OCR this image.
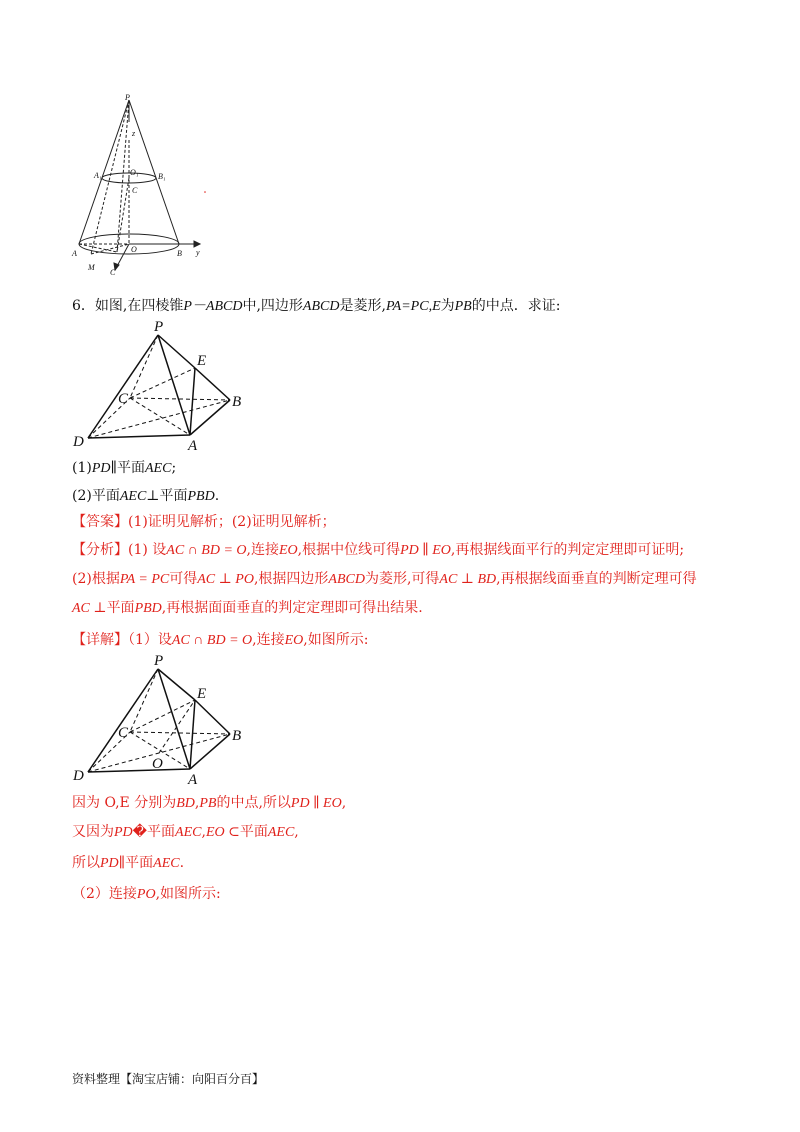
P
z
A₁	O₁ B₁
C
A
M
C
O	B y
6．如图,在四棱锥P－ABCD中,四边形ABCD是菱形,PA=PC,E为PB的中点．求证:
P
E
C	B
D	A
(1)PD∥平面AEC;
(2)平面AEC⊥平面PBD.
【答案】(1)证明见解析；(2)证明见解析；
【分析】(1) 设AC ∩ BD = O,连接EO,根据中位线可得PD ∥ EO,再根据线面平行的判定定理即可证明;
(2)根据PA = PC可得AC ⊥ PO,根据四边形ABCD为菱形,可得AC ⊥ BD,再根据线面垂直的判断定理可得
AC ⊥平面PBD,再根据面面垂直的判定定理即可得出结果.
【详解】（1）设AC ∩ BD = O,连接EO,如图所示:
P
E
C	B
D	A
O
因为 O,E 分别为BD,PB的中点,所以PD ∥ EO,
又因为PD�平面AEC,EO ⊂平面AEC,
所以PD∥平面AEC.
（2）连接PO,如图所示:
资料整理【淘宝店铺：向阳百分百】
